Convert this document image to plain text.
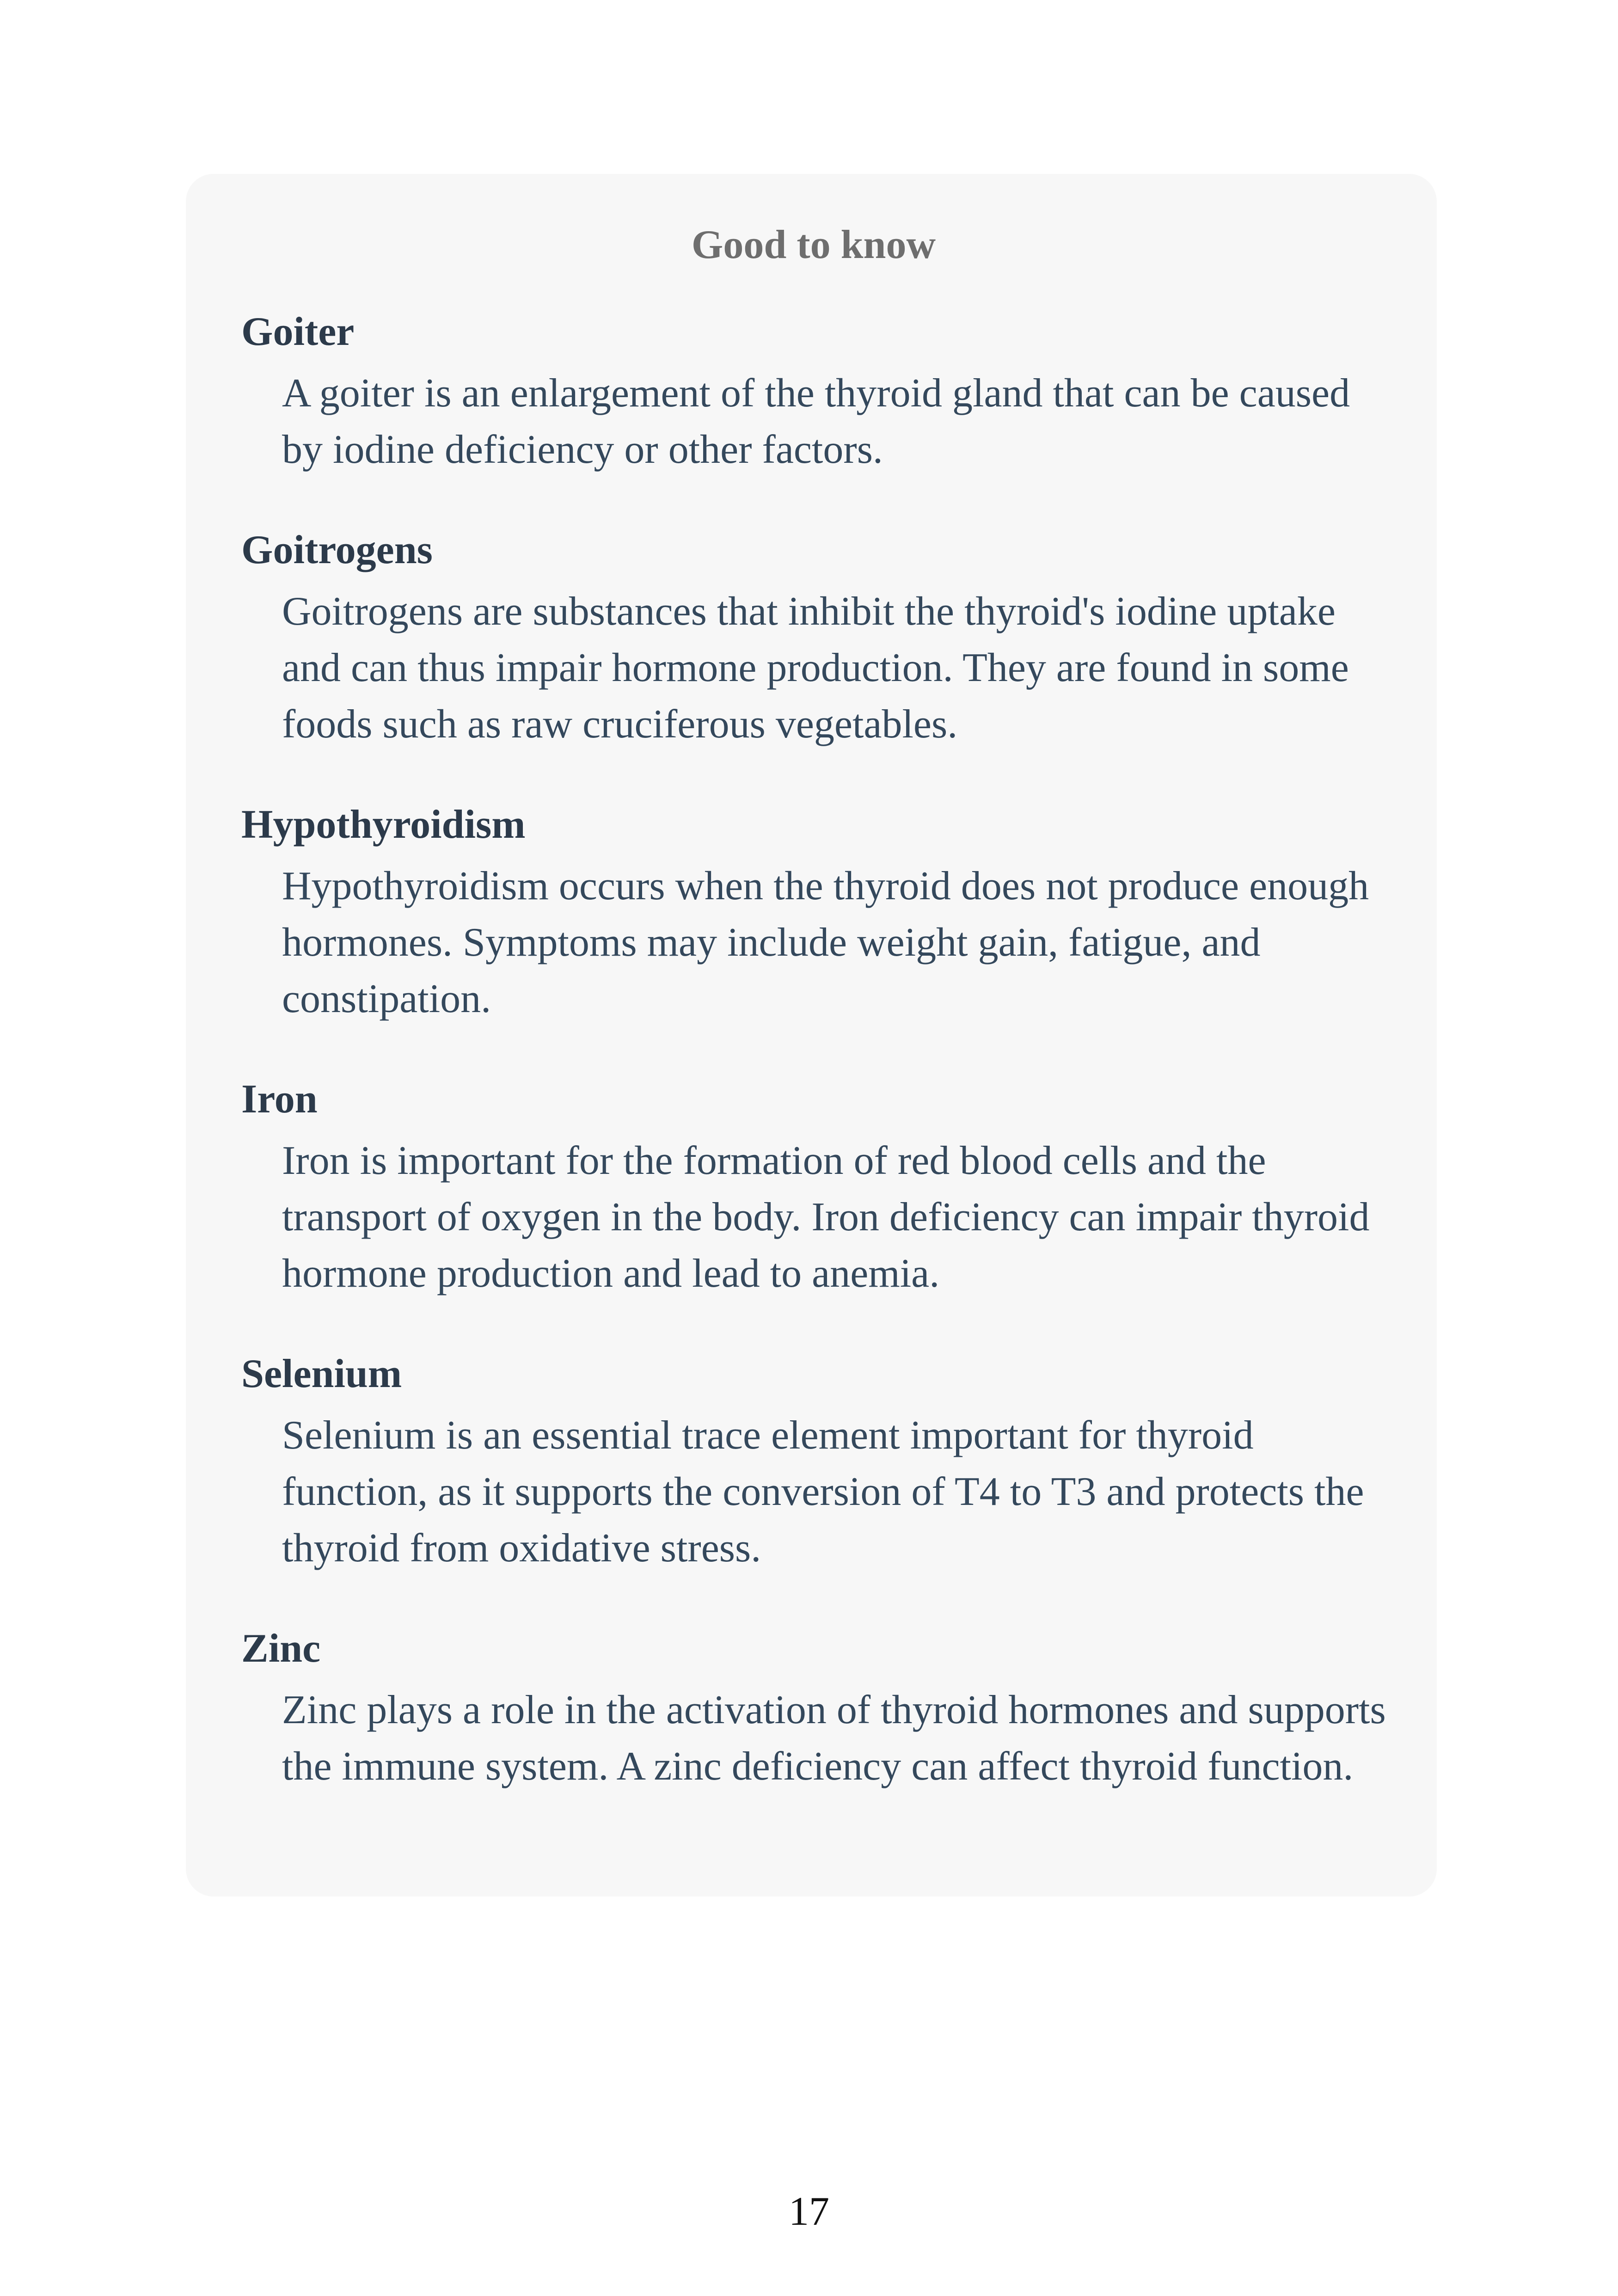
Good to know

Goiter

A goiter is an enlargement of the thyroid gland that can be caused by iodine deficiency or other factors.

Goitrogens

Goitrogens are substances that inhibit the thyroid's iodine uptake and can thus impair hormone production. They are found in some foods such as raw cruciferous vegetables.

Hypothyroidism

Hypothyroidism occurs when the thyroid does not produce enough hormones. Symptoms may include weight gain, fatigue, and constipation.

Iron

Iron is important for the formation of red blood cells and the transport of oxygen in the body. Iron deficiency can impair thyroid hormone production and lead to anemia.

Selenium

Selenium is an essential trace element important for thyroid function, as it supports the conversion of T4 to T3 and protects the thyroid from oxidative stress.

Zinc

Zinc plays a role in the activation of thyroid hormones and supports the immune system. A zinc deficiency can affect thyroid function.

17
